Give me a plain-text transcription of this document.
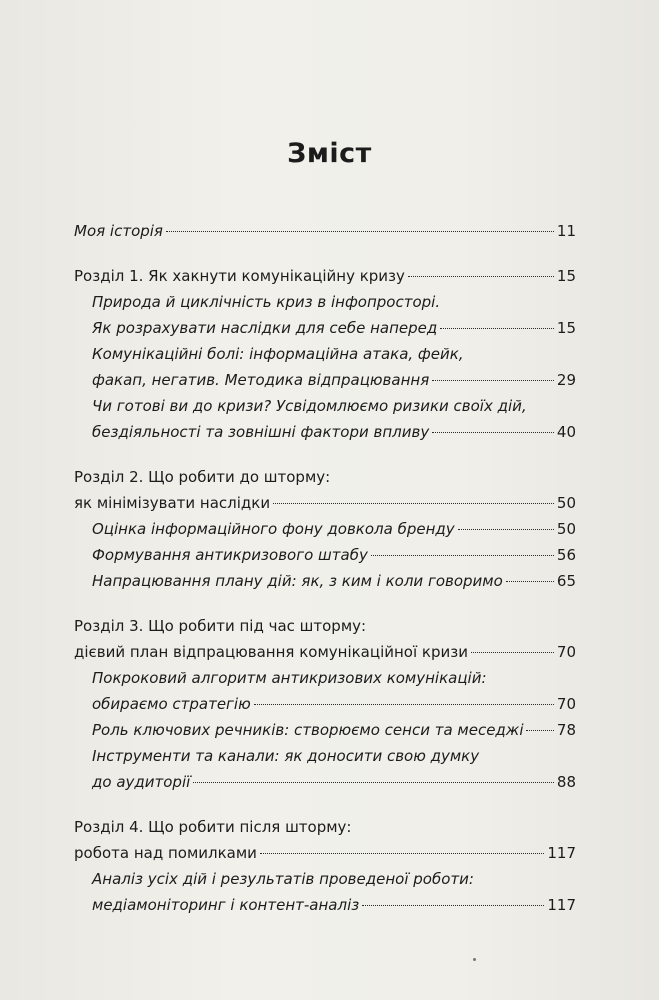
Зміст
Моя історія	11
Розділ 1. Як хакнути комунікаційну кризу	15
Природа й циклічність криз в інфопросторі.
Як розрахувати наслідки для себе наперед	15
Комунікаційні болі: інформаційна атака, фейк,
факап, негатив. Методика відпрацювання	29
Чи готові ви до кризи? Усвідомлюємо ризики своїх дій,
бездіяльності та зовнішні фактори впливу	40
Розділ 2. Що робити до шторму:
як мінімізувати наслідки	50
Оцінка інформаційного фону довкола бренду	50
Формування антикризового штабу	56
Напрацювання плану дій: як, з ким і коли говоримо	65
Розділ 3. Що робити під час шторму:
дієвий план відпрацювання комунікаційної кризи	70
Покроковий алгоритм антикризових комунікацій:
обираємо стратегію	70
Роль ключових речників: створюємо сенси та меседжі 78
Інструменти та канали: як доносити свою думку
до аудиторії	88
Розділ 4. Що робити після шторму:
робота над помилками	117
Аналіз усіх дій і результатів проведеної роботи:
медіамоніторинг і контент-аналіз	117
